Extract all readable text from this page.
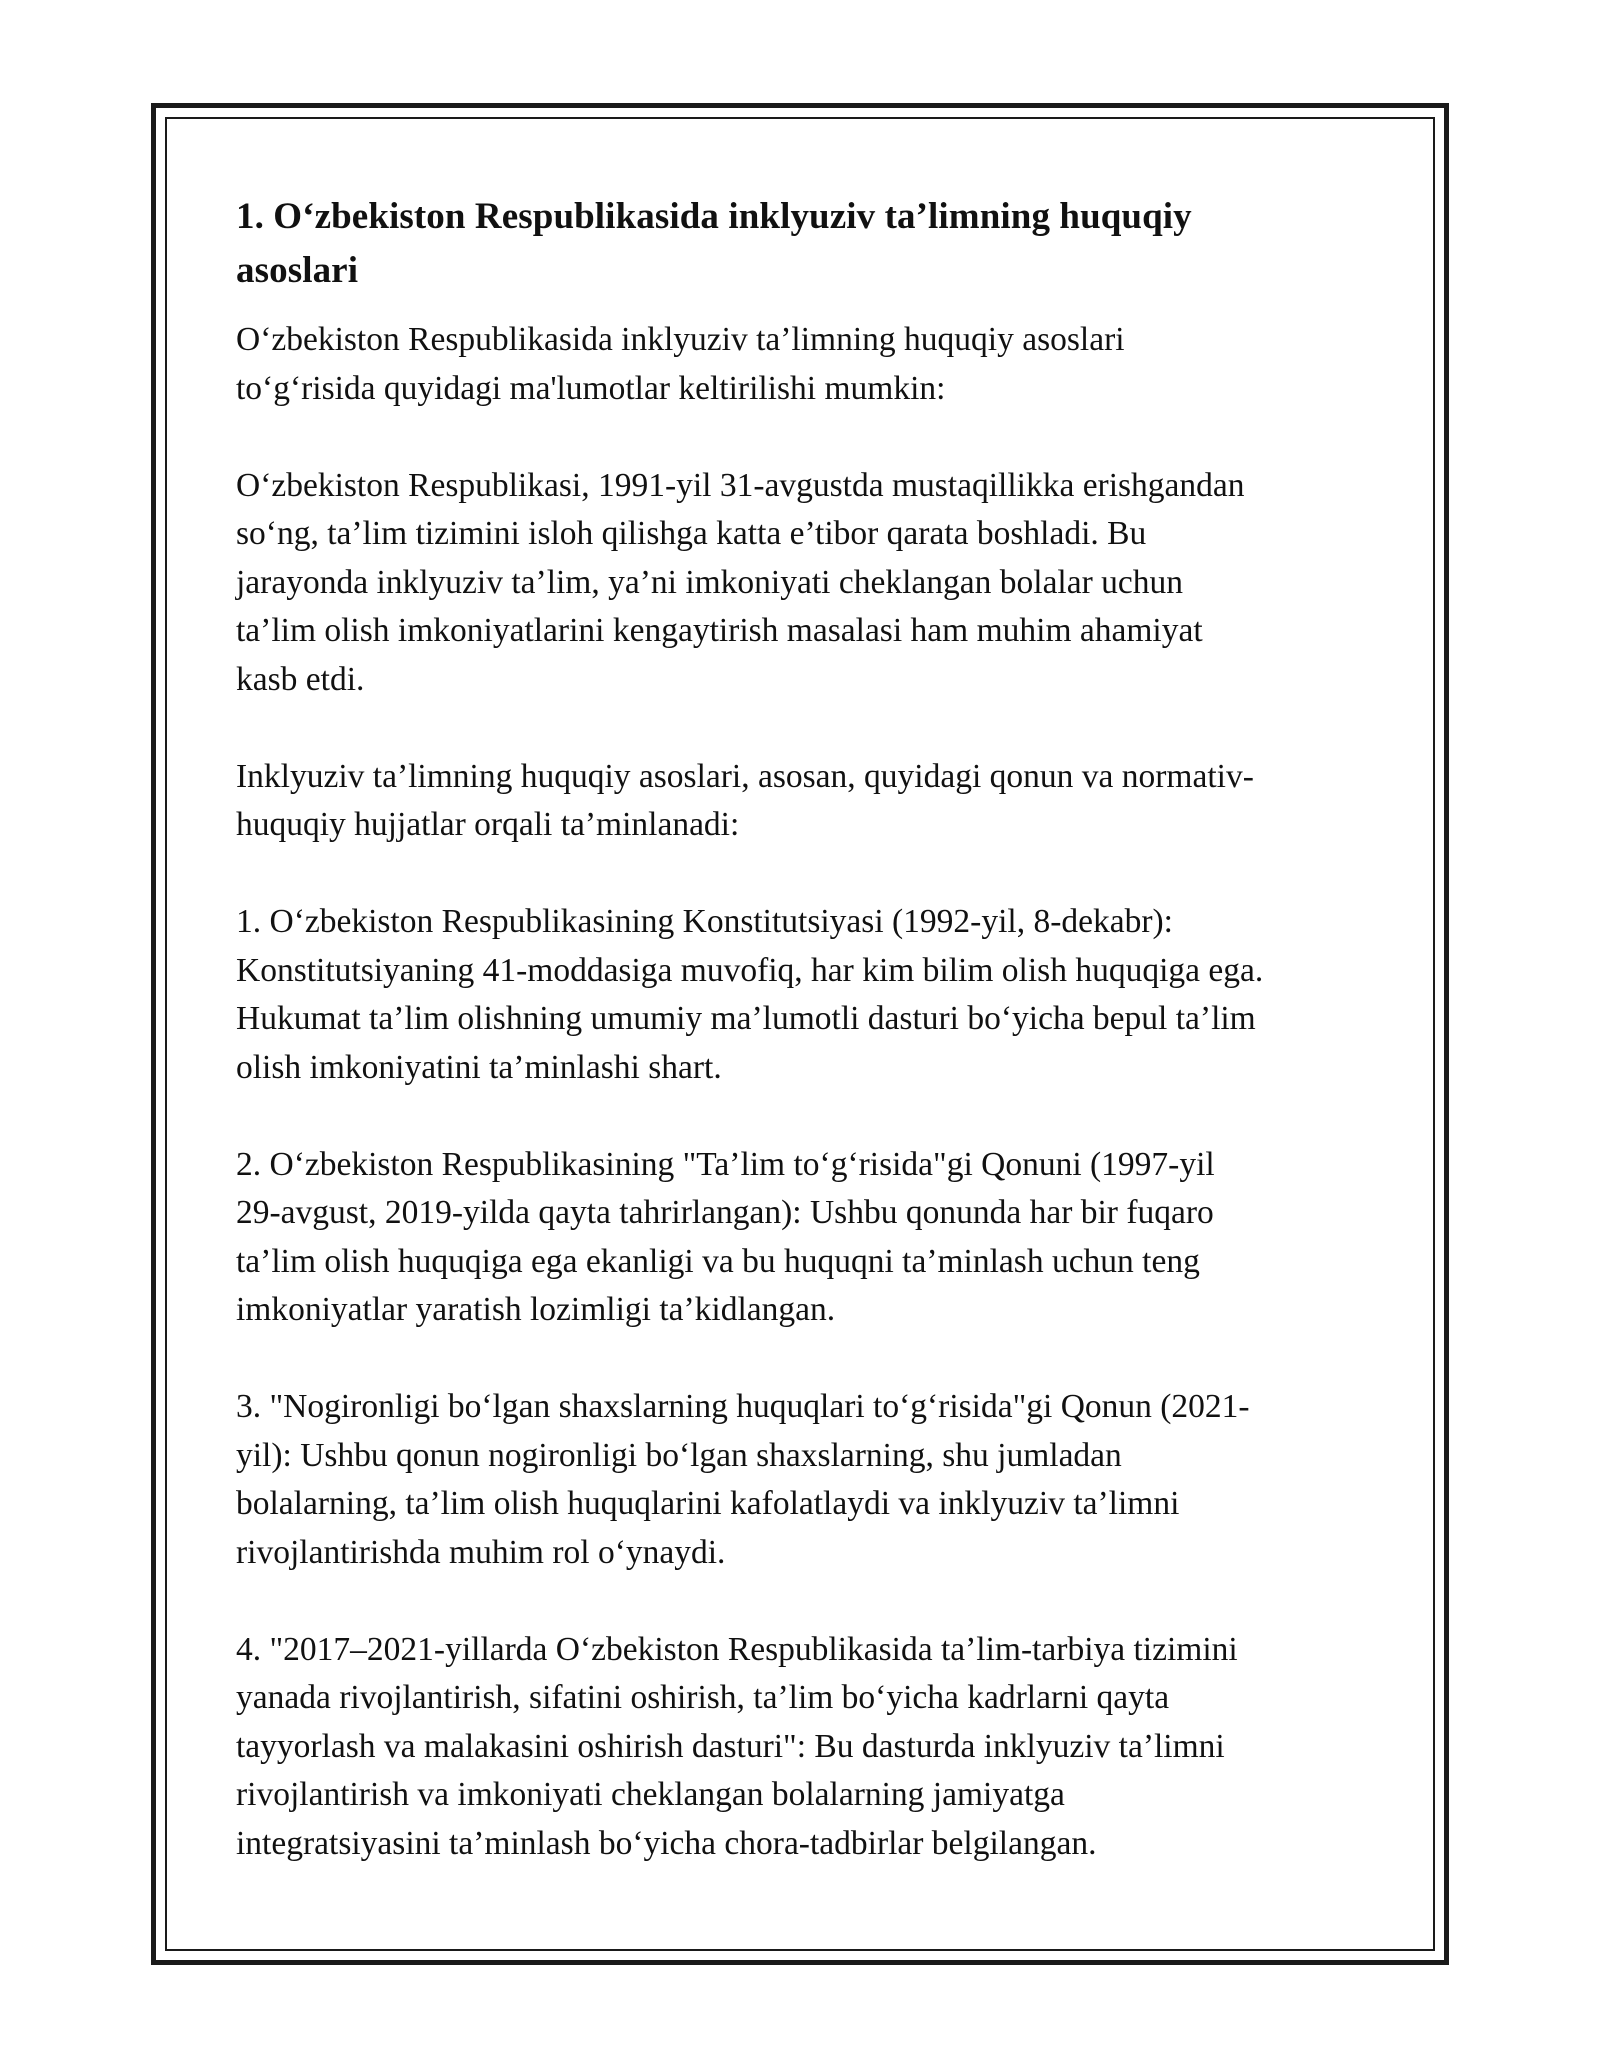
1. O‘zbekiston Respublikasida inklyuziv ta’limning huquqiy
asoslari

O‘zbekiston Respublikasida inklyuziv ta’limning huquqiy asoslari
to‘g‘risida quyidagi ma'lumotlar keltirilishi mumkin:

O‘zbekiston Respublikasi, 1991-yil 31-avgustda mustaqillikka erishgandan
so‘ng, ta’lim tizimini isloh qilishga katta e’tibor qarata boshladi. Bu
jarayonda inklyuziv ta’lim, ya’ni imkoniyati cheklangan bolalar uchun
ta’lim olish imkoniyatlarini kengaytirish masalasi ham muhim ahamiyat
kasb etdi.

Inklyuziv ta’limning huquqiy asoslari, asosan, quyidagi qonun va normativ-
huquqiy hujjatlar orqali ta’minlanadi:

1. O‘zbekiston Respublikasining Konstitutsiyasi (1992-yil, 8-dekabr):
Konstitutsiyaning 41-moddasiga muvofiq, har kim bilim olish huquqiga ega.
Hukumat ta’lim olishning umumiy ma’lumotli dasturi bo‘yicha bepul ta’lim
olish imkoniyatini ta’minlashi shart.

2. O‘zbekiston Respublikasining "Ta’lim to‘g‘risida"gi Qonuni (1997-yil
29-avgust, 2019-yilda qayta tahrirlangan): Ushbu qonunda har bir fuqaro
ta’lim olish huquqiga ega ekanligi va bu huquqni ta’minlash uchun teng
imkoniyatlar yaratish lozimligi ta’kidlangan.

3. "Nogironligi bo‘lgan shaxslarning huquqlari to‘g‘risida"gi Qonun (2021-
yil): Ushbu qonun nogironligi bo‘lgan shaxslarning, shu jumladan
bolalarning, ta’lim olish huquqlarini kafolatlaydi va inklyuziv ta’limni
rivojlantirishda muhim rol o‘ynaydi.

4. "2017–2021-yillarda O‘zbekiston Respublikasida ta’lim-tarbiya tizimini
yanada rivojlantirish, sifatini oshirish, ta’lim bo‘yicha kadrlarni qayta
tayyorlash va malakasini oshirish dasturi": Bu dasturda inklyuziv ta’limni
rivojlantirish va imkoniyati cheklangan bolalarning jamiyatga
integratsiyasini ta’minlash bo‘yicha chora-tadbirlar belgilangan.
